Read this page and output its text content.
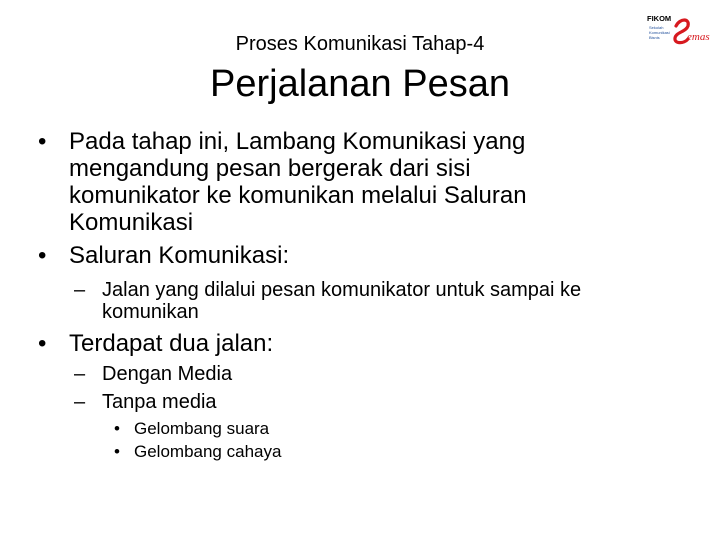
Proses Komunikasi Tahap-4
Perjalanan Pesan
FIKOM
Sekolah
Komunikasi
Bisnis emas
• Pada tahap ini, Lambang Komunikasi yang
mengandung pesan bergerak dari sisi
komunikator ke komunikan melalui Saluran
Komunikasi
• Saluran Komunikasi:
– Jalan yang dilalui pesan komunikator untuk sampai ke
komunikan
• Terdapat dua jalan:
– Dengan Media
– Tanpa media
• Gelombang suara
• Gelombang cahaya
